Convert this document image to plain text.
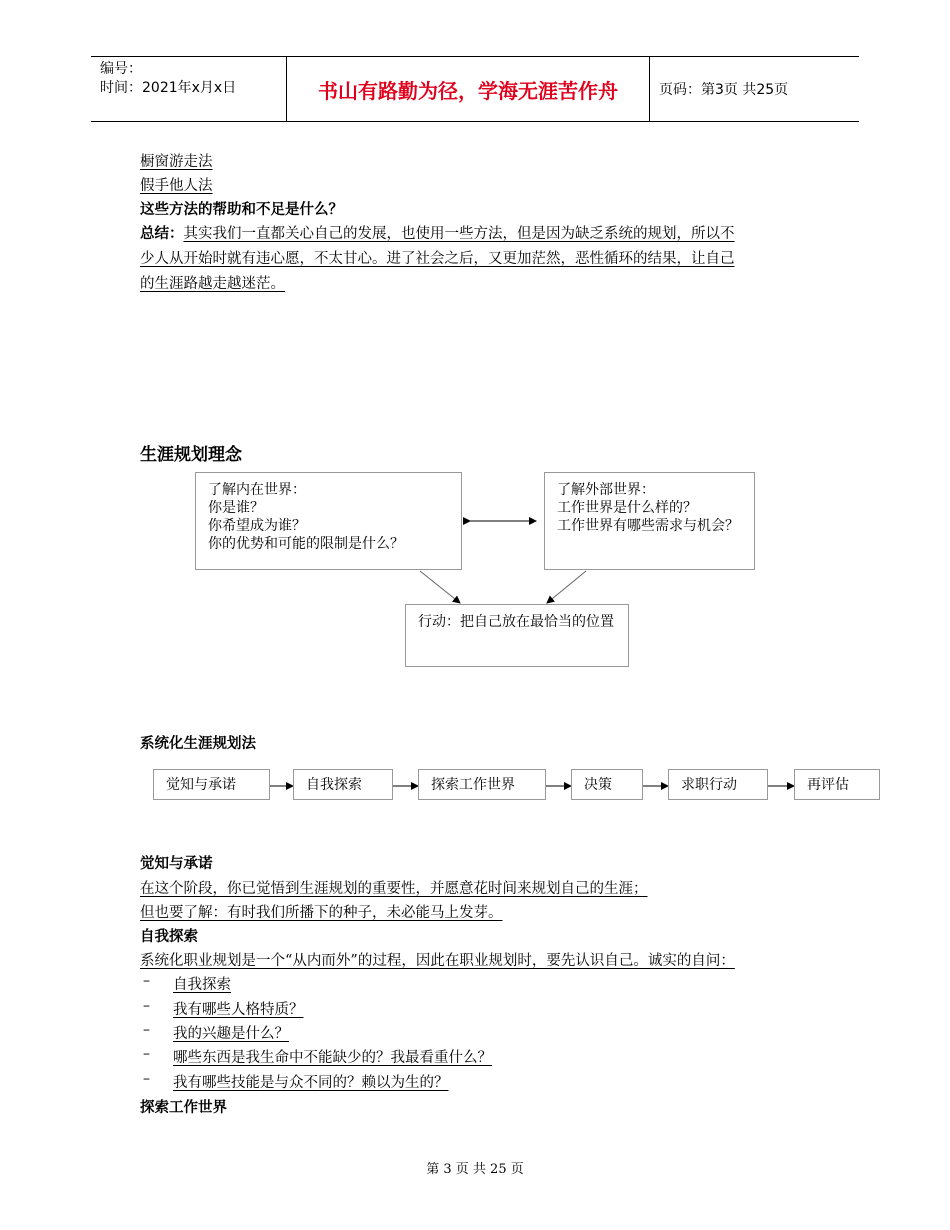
编号：
时间：2021年x月x日	书山有路勤为径，学海无涯苦作舟	页码：第3页 共25页
橱窗游走法
假手他人法
这些方法的帮助和不足是什么？
总结：其实我们一直都关心自己的发展，也使用一些方法，但是因为缺乏系统的规划，所以不
少人从开始时就有违心愿，不太甘心。进了社会之后，又更加茫然，恶性循环的结果，让自己
的生涯路越走越迷茫。
生涯规划理念
了解内在世界：
你是谁？
你希望成为谁？
你的优势和可能的限制是什么？
了解外部世界：
工作世界是什么样的？
工作世界有哪些需求与机会？
行动：把自己放在最恰当的位置
系统化生涯规划法
觉知与承诺	自我探索	探索工作世界	决策	求职行动	再评估
觉知与承诺
在这个阶段，你已觉悟到生涯规划的重要性，并愿意花时间来规划自己的生涯；
但也要了解：有时我们所播下的种子，未必能马上发芽。
自我探索
系统化职业规划是一个“从内而外”的过程，因此在职业规划时，要先认识自己。诚实的自问：
– 自我探索
– 我有哪些人格特质？
– 我的兴趣是什么？
– 哪些东西是我生命中不能缺少的？我最看重什么？
– 我有哪些技能是与众不同的？赖以为生的？
探索工作世界
第 3 页 共 25 页
